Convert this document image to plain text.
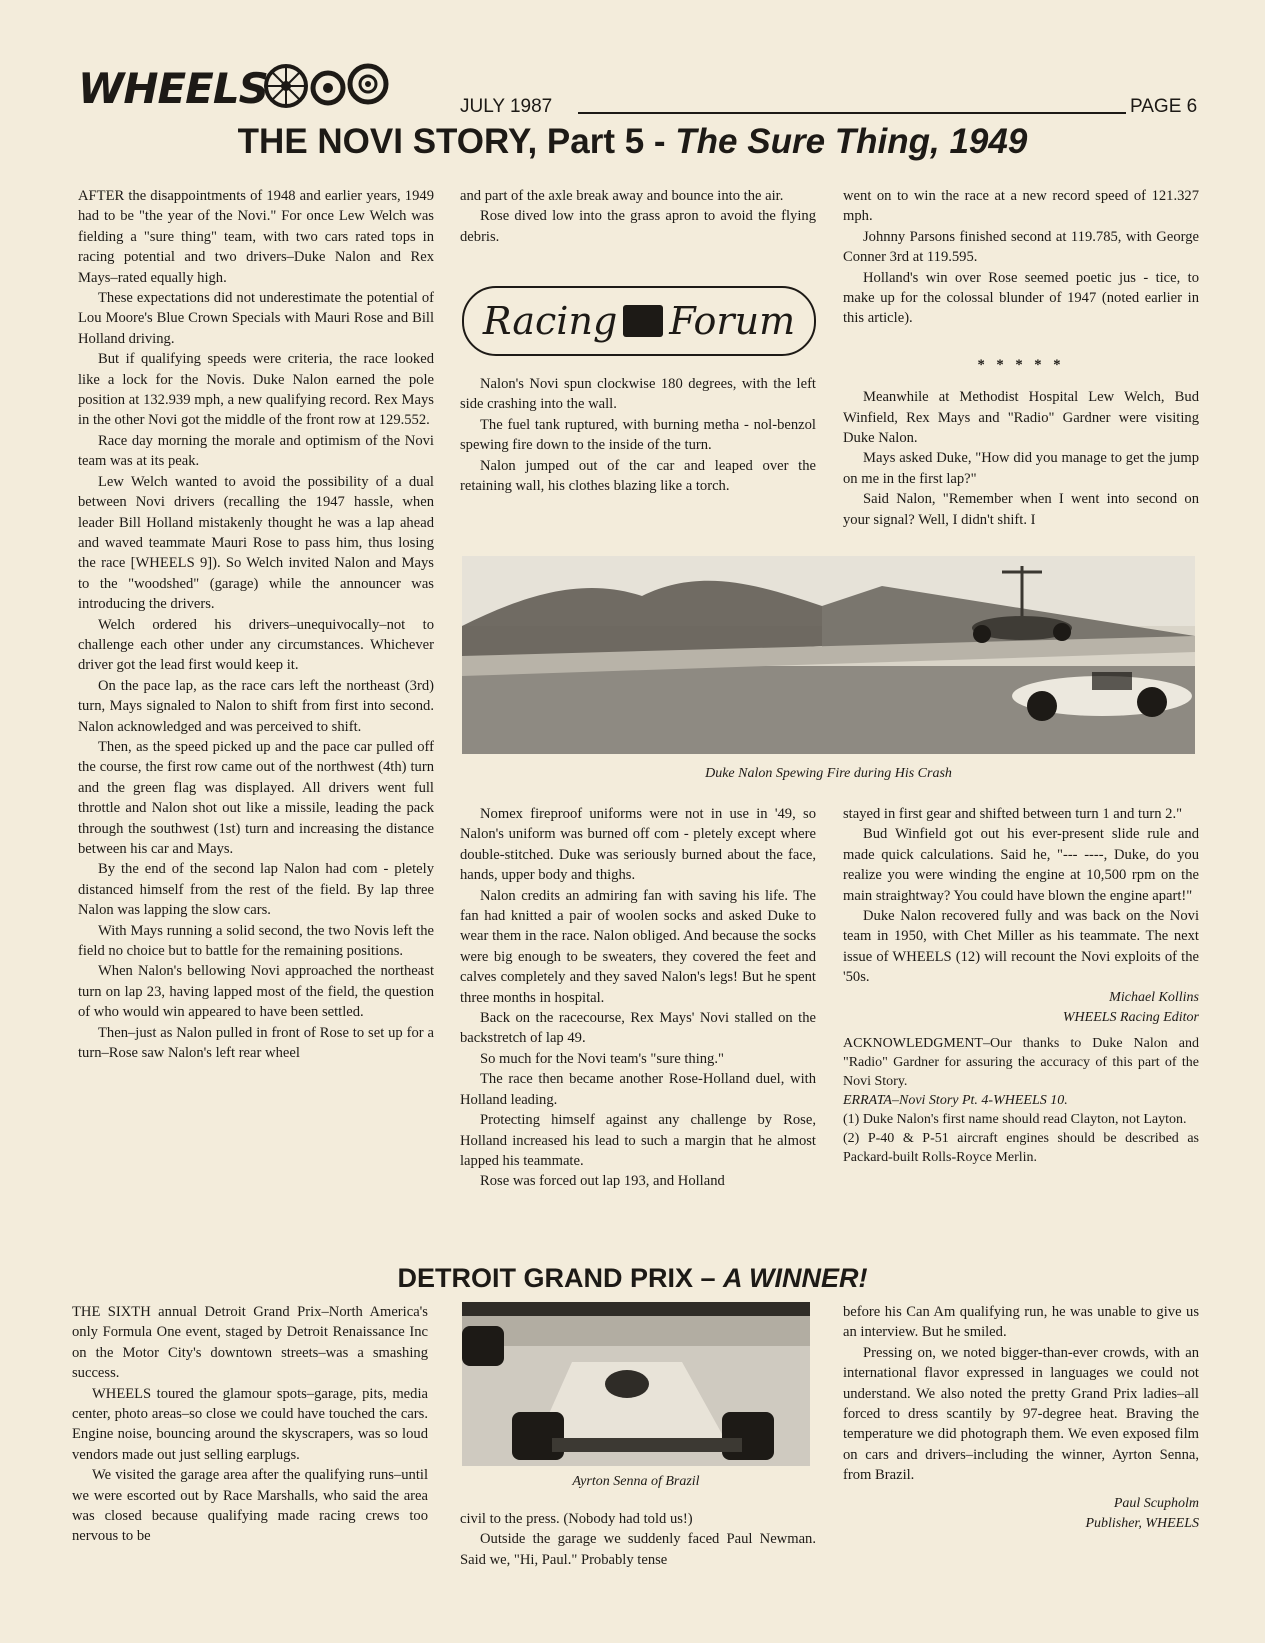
WHEELS	JULY 1987	PAGE 6
THE NOVI STORY, Part 5 - The Sure Thing, 1949

AFTER the disappointments of 1948 and earlier years, 1949 had to be "the year of the Novi." For once Lew Welch was fielding a "sure thing" team, with two cars rated tops in racing potential and two drivers–Duke Nalon and Rex Mays–rated equally high.

These expectations did not underestimate the potential of Lou Moore's Blue Crown Specials with Mauri Rose and Bill Holland driving.

But if qualifying speeds were criteria, the race looked like a lock for the Novis. Duke Nalon earned the pole position at 132.939 mph, a new qualifying record. Rex Mays in the other Novi got the middle of the front row at 129.552.

Race day morning the morale and optimism of the Novi team was at its peak.

Lew Welch wanted to avoid the possibility of a dual between Novi drivers (recalling the 1947 hassle, when leader Bill Holland mistakenly thought he was a lap ahead and waved teammate Mauri Rose to pass him, thus losing the race [WHEELS 9]). So Welch invited Nalon and Mays to the "woodshed" (garage) while the announcer was introducing the drivers.

Welch ordered his drivers–unequivocally–not to challenge each other under any circumstances. Whichever driver got the lead first would keep it.

On the pace lap, as the race cars left the northeast (3rd) turn, Mays signaled to Nalon to shift from first into second. Nalon acknowledged and was perceived to shift.

Then, as the speed picked up and the pace car pulled off the course, the first row came out of the northwest (4th) turn and the green flag was displayed. All drivers went full throttle and Nalon shot out like a missile, leading the pack through the southwest (1st) turn and increasing the distance between his car and Mays.

By the end of the second lap Nalon had com - pletely distanced himself from the rest of the field. By lap three Nalon was lapping the slow cars.

With Mays running a solid second, the two Novis left the field no choice but to battle for the remaining positions.

When Nalon's bellowing Novi approached the northeast turn on lap 23, having lapped most of the field, the question of who would win appeared to have been settled.

Then–just as Nalon pulled in front of Rose to set up for a turn–Rose saw Nalon's left rear wheel

and part of the axle break away and bounce into the air.

Rose dived low into the grass apron to avoid the flying debris.

Racing Forum

Nalon's Novi spun clockwise 180 degrees, with the left side crashing into the wall.

The fuel tank ruptured, with burning metha - nol-benzol spewing fire down to the inside of the turn.

Nalon jumped out of the car and leaped over the retaining wall, his clothes blazing like a torch.

went on to win the race at a new record speed of 121.327 mph.

Johnny Parsons finished second at 119.785, with George Conner 3rd at 119.595.

Holland's win over Rose seemed poetic jus - tice, to make up for the colossal blunder of 1947 (noted earlier in this article).

* * * * *

Meanwhile at Methodist Hospital Lew Welch, Bud Winfield, Rex Mays and "Radio" Gardner were visiting Duke Nalon.

Mays asked Duke, "How did you manage to get the jump on me in the first lap?"

Said Nalon, "Remember when I went into second on your signal? Well, I didn't shift. I

Duke Nalon Spewing Fire during His Crash

Nomex fireproof uniforms were not in use in '49, so Nalon's uniform was burned off com - pletely except where double-stitched. Duke was seriously burned about the face, hands, upper body and thighs.

Nalon credits an admiring fan with saving his life. The fan had knitted a pair of woolen socks and asked Duke to wear them in the race. Nalon obliged. And because the socks were big enough to be sweaters, they covered the feet and calves completely and they saved Nalon's legs! But he spent three months in hospital.

Back on the racecourse, Rex Mays' Novi stalled on the backstretch of lap 49.

So much for the Novi team's "sure thing."

The race then became another Rose-Holland duel, with Holland leading.

Protecting himself against any challenge by Rose, Holland increased his lead to such a margin that he almost lapped his teammate.

Rose was forced out lap 193, and Holland

stayed in first gear and shifted between turn 1 and turn 2."

Bud Winfield got out his ever-present slide rule and made quick calculations. Said he, "--- ----, Duke, do you realize you were winding the engine at 10,500 rpm on the main straightway? You could have blown the engine apart!"

Duke Nalon recovered fully and was back on the Novi team in 1950, with Chet Miller as his teammate. The next issue of WHEELS (12) will recount the Novi exploits of the '50s.

Michael Kollins
WHEELS Racing Editor

ACKNOWLEDGMENT–Our thanks to Duke Nalon and "Radio" Gardner for assuring the accuracy of this part of the Novi Story.

ERRATA–Novi Story Pt. 4-WHEELS 10.

(1) Duke Nalon's first name should read Clayton, not Layton.

(2) P-40 & P-51 aircraft engines should be described as Packard-built Rolls-Royce Merlin.

DETROIT GRAND PRIX – A WINNER!

THE SIXTH annual Detroit Grand Prix–North America's only Formula One event, staged by Detroit Renaissance Inc on the Motor City's downtown streets–was a smashing success.

WHEELS toured the glamour spots–garage, pits, media center, photo areas–so close we could have touched the cars. Engine noise, bouncing around the skyscrapers, was so loud vendors made out just selling earplugs.

We visited the garage area after the qualifying runs–until we were escorted out by Race Marshalls, who said the area was closed because qualifying made racing crews too nervous to be

Ayrton Senna of Brazil

civil to the press. (Nobody had told us!)

Outside the garage we suddenly faced Paul Newman. Said we, "Hi, Paul." Probably tense

before his Can Am qualifying run, he was unable to give us an interview. But he smiled.

Pressing on, we noted bigger-than-ever crowds, with an international flavor expressed in languages we could not understand. We also noted the pretty Grand Prix ladies–all forced to dress scantily by 97-degree heat. Braving the temperature we did photograph them. We even exposed film on cars and drivers–including the winner, Ayrton Senna, from Brazil.

Paul Scupholm
Publisher, WHEELS
